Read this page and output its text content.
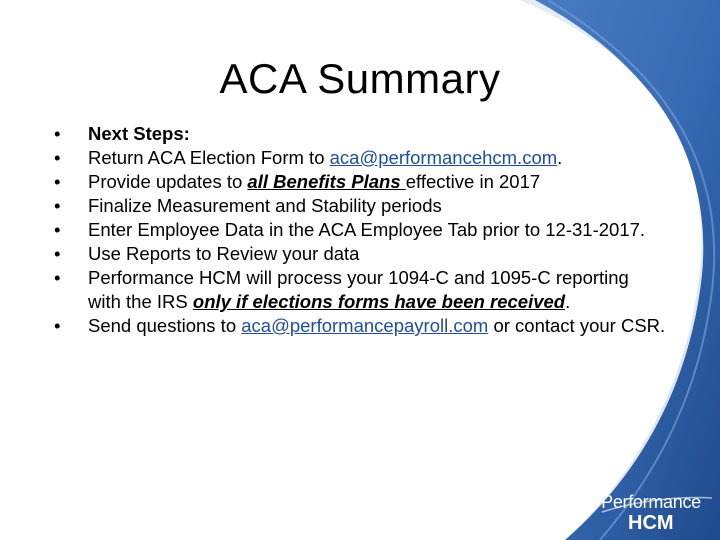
ACA Summary
•	Next Steps:
•	Return ACA Election Form to aca@performancehcm.com.
•	Provide updates to all Benefits Plans effective in 2017
•	Finalize Measurement and Stability periods
•	Enter Employee Data in the ACA Employee Tab prior to 12-31-2017.
•	Use Reports to Review your data
•	Performance HCM will process your 1094-C and 1095-C reporting with the IRS only if elections forms have been received.
•	Send questions to aca@performancepayroll.com or contact your CSR.
Performance
HCM
